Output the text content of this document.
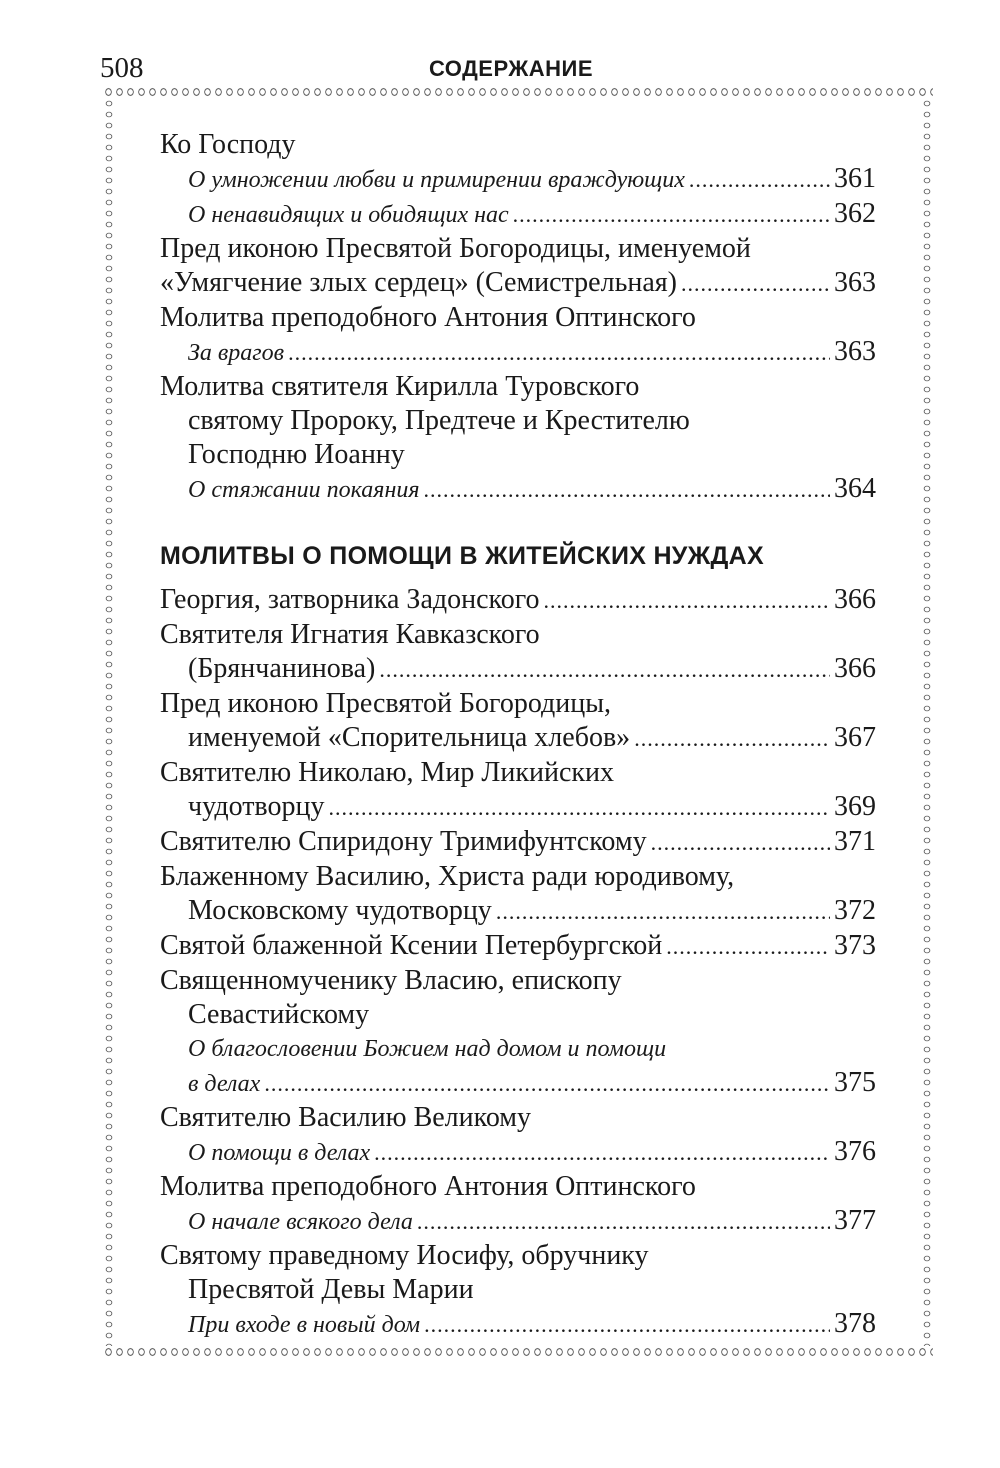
508	СОДЕРЖАНИЕ
Ко Господу
О умножении любви и примирении враждующих .....	361
О ненавидящих и обидящих нас .....	362
Пред иконою Пресвятой Богородицы, именуемой
«Умягчение злых сердец» (Семистрельная) .....	363
Молитва преподобного Антония Оптинского
За врагов .....	363
Молитва святителя Кирилла Туровского
святому Пророку, Предтече и Крестителю
Господню Иоанну
О стяжании покаяния .....	364
МОЛИТВЫ О ПОМОЩИ В ЖИТЕЙСКИХ НУЖДАХ
Георгия, затворника Задонского .....	366
Святителя Игнатия Кавказского
(Брянчанинова) .....	366
Пред иконою Пресвятой Богородицы,
именуемой «Спорительница хлебов» .....	367
Святителю Николаю, Мир Ликийских
чудотворцу .....	369
Святителю Спиридону Тримифунтскому .....	371
Блаженному Василию, Христа ради юродивому,
Московскому чудотворцу .....	372
Святой блаженной Ксении Петербургской .....	373
Священномученику Власию, епископу
Севастийскому
О благословении Божием над домом и помощи
в делах .....	375
Святителю Василию Великому
О помощи в делах .....	376
Молитва преподобного Антония Оптинского
О начале всякого дела .....	377
Святому праведному Иосифу, обручнику
Пресвятой Девы Марии
При входе в новый дом .....	378
